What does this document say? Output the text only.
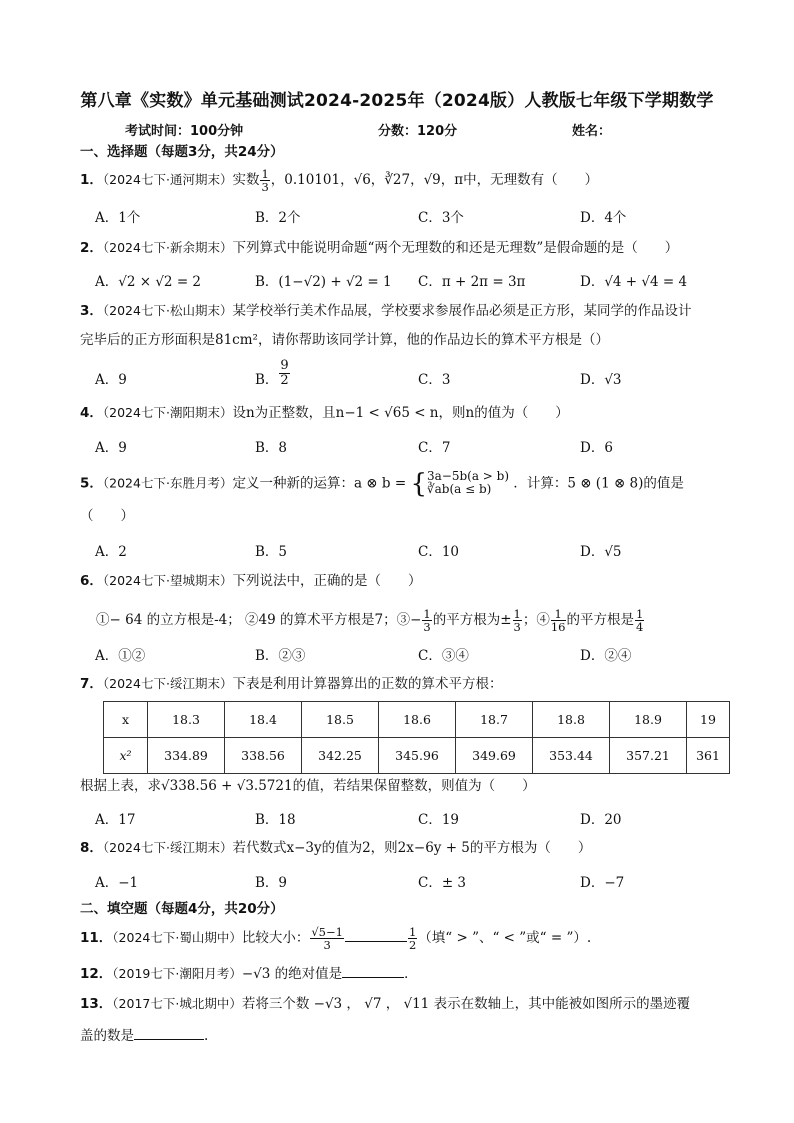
第八章《实数》单元基础测试2024-2025年（2024版）人教版七年级下学期数学
考试时间：100分钟	分数：120分	姓名：
一、选择题（每题3分，共24分）
1．（2024七下·通河期末）实数 $\frac{1}{3}$ ，0.10101，√6，∛27，√9，π中，无理数有（　　）
A．1个	B．2个	C．3个	D．4个
2．（2024七下·新余期末）下列算式中能说明命题“两个无理数的和还是无理数”是假命题的是（　　）
A．√2 × √2 = 2	B．(1−√2) + √2 = 1 C．π + 2π = 3π	D．√4 + √4 = 4
3．（2024七下·松山期末）某学校举行美术作品展，学校要求参展作品必须是正方形，某同学的作品设计
完毕后的正方形面积是81cm²，请你帮助该同学计算，他的作品边长的算术平方根是（）
A．9	B． $\frac{9}{2}$	C．3	D．√3
4．（2024七下·潮阳期末）设n为正整数，且n−1 < √65 < n，则n的值为（　　）
A．9	B．8	C．7	D．6
5．（2024七下·东胜月考）定义一种新的运算：a ⊗ b = { 3a−5b(a > b)
∛ab(a ≤ b)	．计算：5 ⊗ (1 ⊗ 8)的值是
（　　）
A．2	B．5	C．10	D．√5
6．（2024七下·望城期末）下列说法中，正确的是（　　）
①− 64 的立方根是-4； ②49 的算术平方根是7；③− $\frac{1}{3}$ 的平方根为± $\frac{1}{3}$ ；④ $\frac{1}{16}$ 的平方根是 $\frac{1}{4}$
A．①②	B．②③	C．③④	D．②④
7．（2024七下·绥江期末）下表是利用计算器算出的正数的算术平方根：
x	18.3	18.4	18.5	18.6	18.7	18.8	18.9	19
x²	334.89	338.56	342.25	345.96	349.69	353.44	357.21	361
根据上表，求√338.56 + √3.5721的值，若结果保留整数，则值为（　　）
A．17	B．18	C．19	D．20
8．（2024七下·绥江期末）若代数式x−3y的值为2，则2x−6y + 5的平方根为（　　）
A．−1	B．9	C．± 3	D．−7
二、填空题（每题4分，共20分）
11．（2024七下·蜀山期中）比较大小： $\frac{√5-1}{3}$	$\frac{1}{2}$ （填“ > ”、“ < ”或“ = ”）.
12．（2019七下·潮阳月考）−√3 的绝对值是	．
13．（2017七下·城北期中）若将三个数 −√3 ， √7 ， √11 表示在数轴上，其中能被如图所示的墨迹覆
盖的数是	.
